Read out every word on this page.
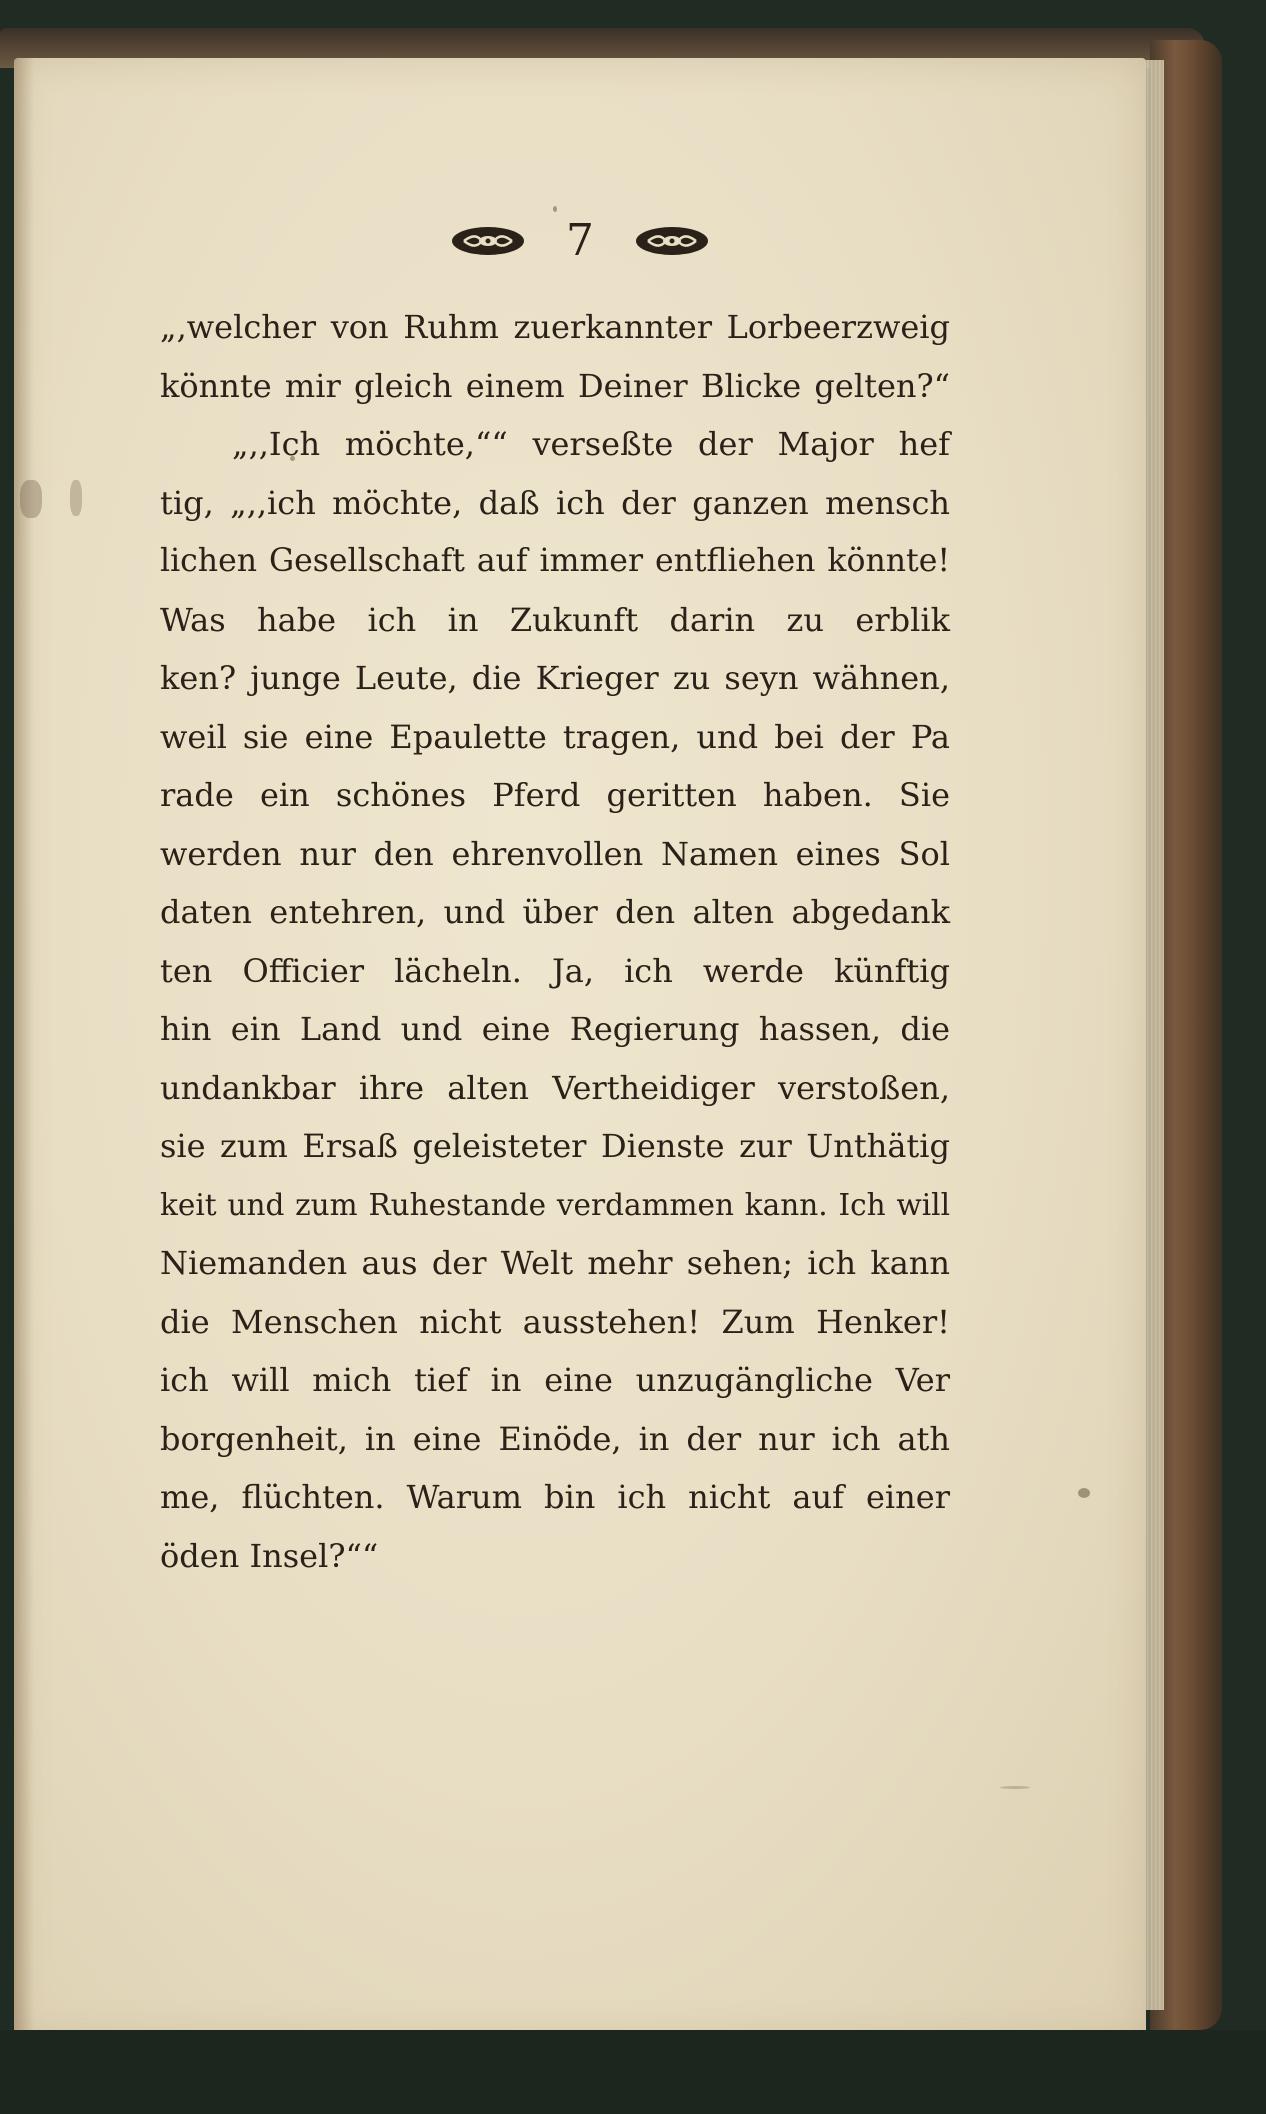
7
„,welcher von Ruhm zuerkannter Lorbeerzweig
könnte mir gleich einem Deiner Blicke gelten?“
„,,Ich möchte,““ verseßte der Major hef
tig, „,,ich möchte, daß ich der ganzen mensch
lichen Gesellschaft auf immer entfliehen könnte!
Was habe ich in Zukunft darin zu erblik
ken? junge Leute, die Krieger zu seyn wähnen,
weil sie eine Epaulette tragen, und bei der Pa
rade ein schönes Pferd geritten haben. Sie
werden nur den ehrenvollen Namen eines Sol
daten entehren, und über den alten abgedank
ten Officier lächeln. Ja, ich werde künftig
hin ein Land und eine Regierung hassen, die
undankbar ihre alten Vertheidiger verstoßen,
sie zum Ersaß geleisteter Dienste zur Unthätig
keit und zum Ruhestande verdammen kann. Ich will
Niemanden aus der Welt mehr sehen; ich kann
die Menschen nicht ausstehen! Zum Henker!
ich will mich tief in eine unzugängliche Ver
borgenheit, in eine Einöde, in der nur ich ath
me, flüchten. Warum bin ich nicht auf einer
öden Insel?““
